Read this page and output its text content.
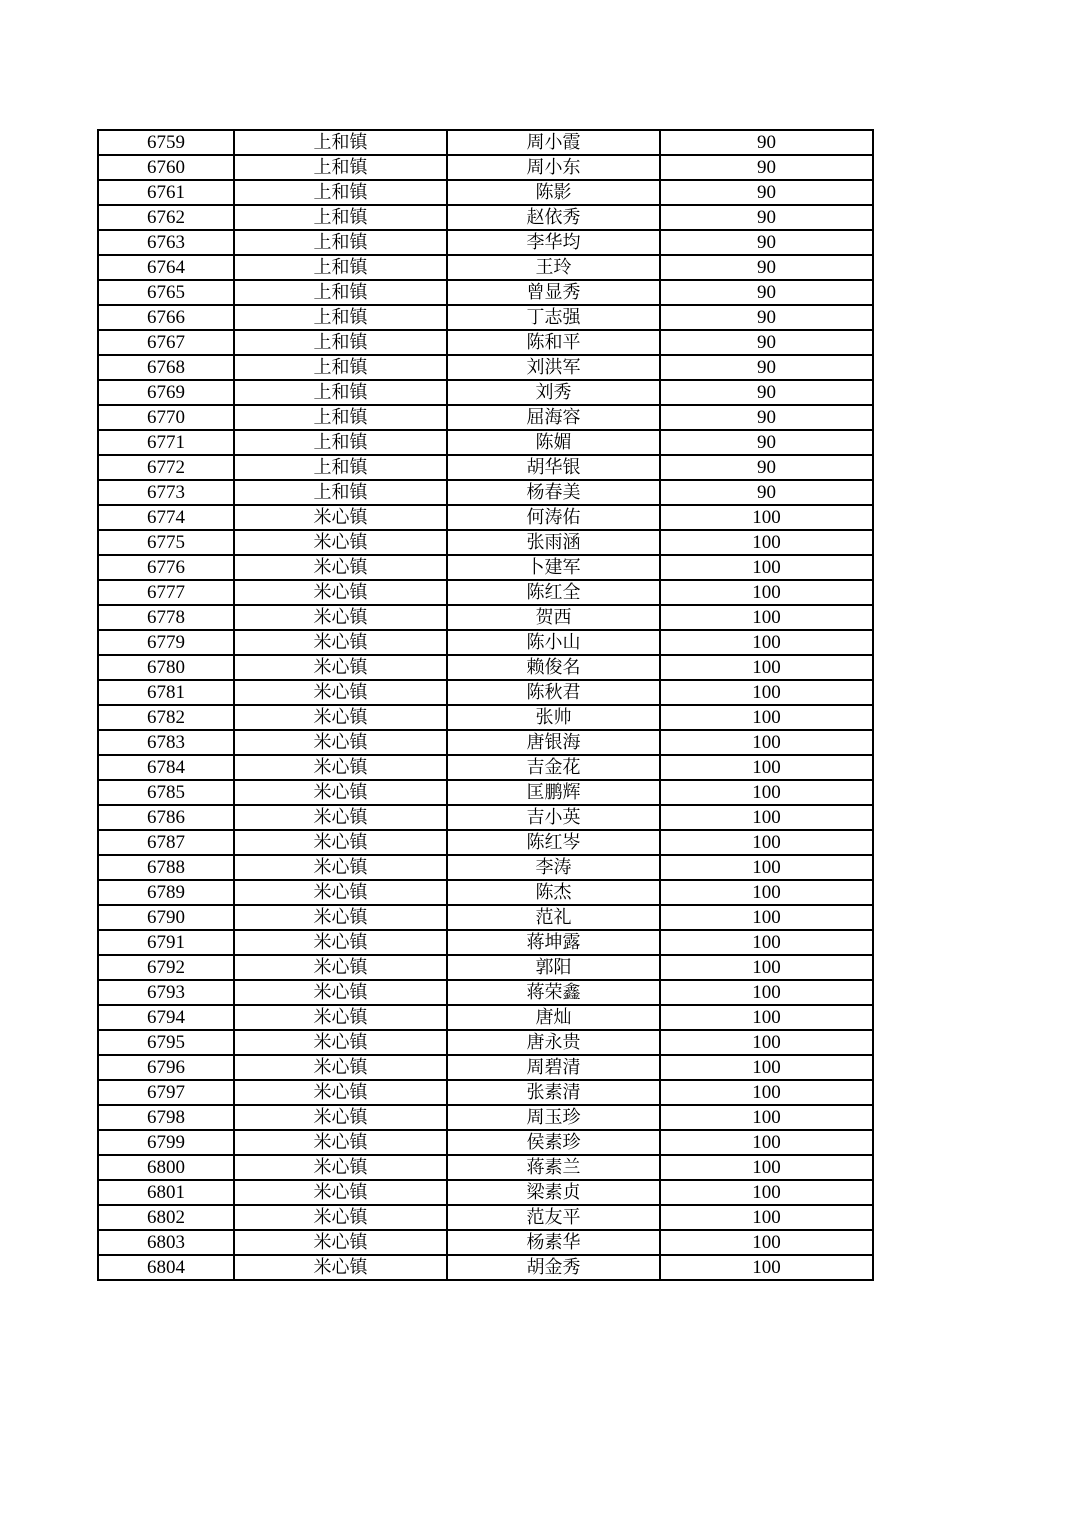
6759	上和镇	周小霞	90
6760	上和镇	周小东	90
6761	上和镇	陈影	90
6762	上和镇	赵依秀	90
6763	上和镇	李华均	90
6764	上和镇	王玲	90
6765	上和镇	曾显秀	90
6766	上和镇	丁志强	90
6767	上和镇	陈和平	90
6768	上和镇	刘洪军	90
6769	上和镇	刘秀	90
6770	上和镇	屈海容	90
6771	上和镇	陈媚	90
6772	上和镇	胡华银	90
6773	上和镇	杨春美	90
6774	米心镇	何涛佑	100
6775	米心镇	张雨涵	100
6776	米心镇	卜建军	100
6777	米心镇	陈红全	100
6778	米心镇	贺西	100
6779	米心镇	陈小山	100
6780	米心镇	赖俊名	100
6781	米心镇	陈秋君	100
6782	米心镇	张帅	100
6783	米心镇	唐银海	100
6784	米心镇	吉金花	100
6785	米心镇	匡鹏辉	100
6786	米心镇	吉小英	100
6787	米心镇	陈红岑	100
6788	米心镇	李涛	100
6789	米心镇	陈杰	100
6790	米心镇	范礼	100
6791	米心镇	蒋坤露	100
6792	米心镇	郭阳	100
6793	米心镇	蒋荣鑫	100
6794	米心镇	唐灿	100
6795	米心镇	唐永贵	100
6796	米心镇	周碧清	100
6797	米心镇	张素清	100
6798	米心镇	周玉珍	100
6799	米心镇	侯素珍	100
6800	米心镇	蒋素兰	100
6801	米心镇	梁素贞	100
6802	米心镇	范友平	100
6803	米心镇	杨素华	100
6804	米心镇	胡金秀	100
